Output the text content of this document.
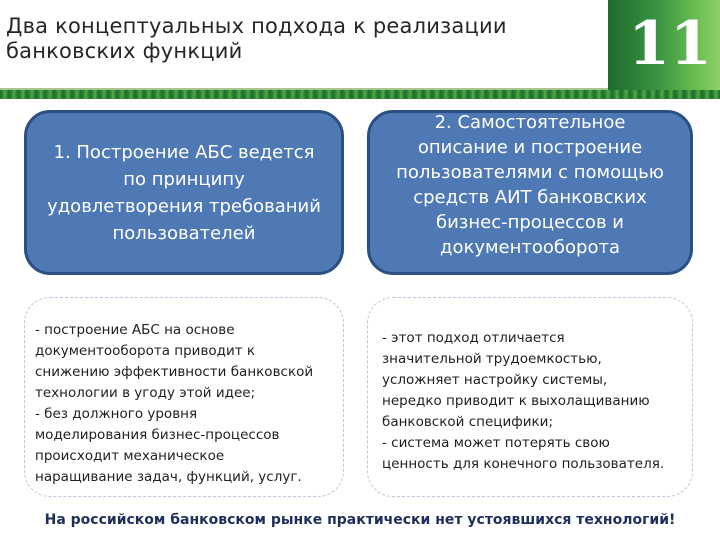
Два концептуальных подхода к реализации
банковских функций	11
1. Построение АБС ведется
по принципу
удовлетворения требований
пользователей
2. Самостоятельное
описание и построение
пользователями с помощью
средств АИТ банковских
бизнес-процессов и
документооборота
- построение АБС на основе
документооборота приводит к
снижению эффективности банковской
технологии в угоду этой идее;
- без должного уровня
моделирования бизнес-процессов
происходит механическое
наращивание задач, функций, услуг.
- этот подход отличается
значительной трудоемкостью,
усложняет настройку системы,
нередко приводит к выхолащиванию
банковской специфики;
- система может потерять свою
ценность для конечного пользователя.
На российском банковском рынке практически нет устоявшихся технологий!
